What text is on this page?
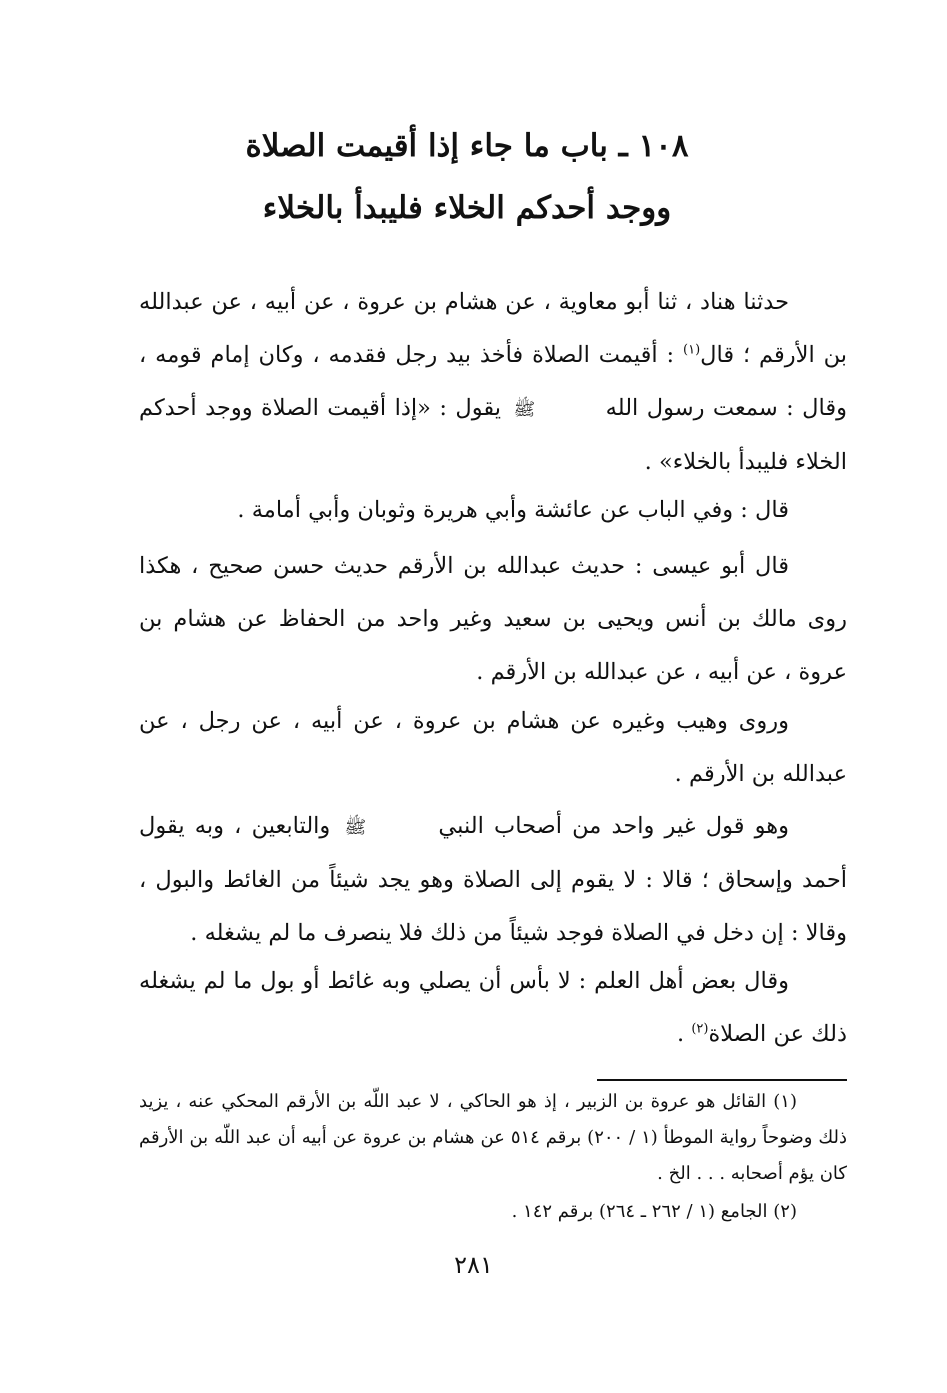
١٠٨ ـ باب ما جاء إذا أقيمت الصلاة
ووجد أحدكم الخلاء فليبدأ بالخلاء

حدثنا هناد ، ثنا أبو معاوية ، عن هشام بن عروة ، عن أبيه ، عن عبدالله بن الأرقم ؛ قال$^{(١)}$ : أقيمت الصلاة فأخذ بيد رجل فقدمه ، وكان إمام قومه ، وقال : سمعت رسول الله ﷺ يقول : «إذا أقيمت الصلاة ووجد أحدكم الخلاء فليبدأ بالخلاء» .

قال : وفي الباب عن عائشة وأبي هريرة وثوبان وأبي أمامة .

قال أبو عيسى : حديث عبدالله بن الأرقم حديث حسن صحيح ، هكذا روى مالك بن أنس ويحيى بن سعيد وغير واحد من الحفاظ عن هشام بن عروة ، عن أبيه ، عن عبدالله بن الأرقم .

وروى وهيب وغيره عن هشام بن عروة ، عن أبيه ، عن رجل ، عن عبدالله بن الأرقم .

وهو قول غير واحد من أصحاب النبي ﷺ والتابعين ، وبه يقول أحمد وإسحاق ؛ قالا : لا يقوم إلى الصلاة وهو يجد شيئاً من الغائط والبول ، وقالا : إن دخل في الصلاة فوجد شيئاً من ذلك فلا ينصرف ما لم يشغله .

وقال بعض أهل العلم : لا بأس أن يصلي وبه غائط أو بول ما لم يشغله ذلك عن الصلاة$^{(٢)}$ .

(١) القائل هو عروة بن الزبير ، إذ هو الحاكي ، لا عبد اللّه بن الأرقم المحكي عنه ، يزيد ذلك وضوحاً رواية الموطأ (١ / ٢٠٠) برقم ٥١٤ عن هشام بن عروة عن أبيه أن عبد اللّه بن الأرقم كان يؤم أصحابه . . . الخ .

(٢) الجامع (١ / ٢٦٢ ـ ٢٦٤) برقم ١٤٢ .

٢٨١
